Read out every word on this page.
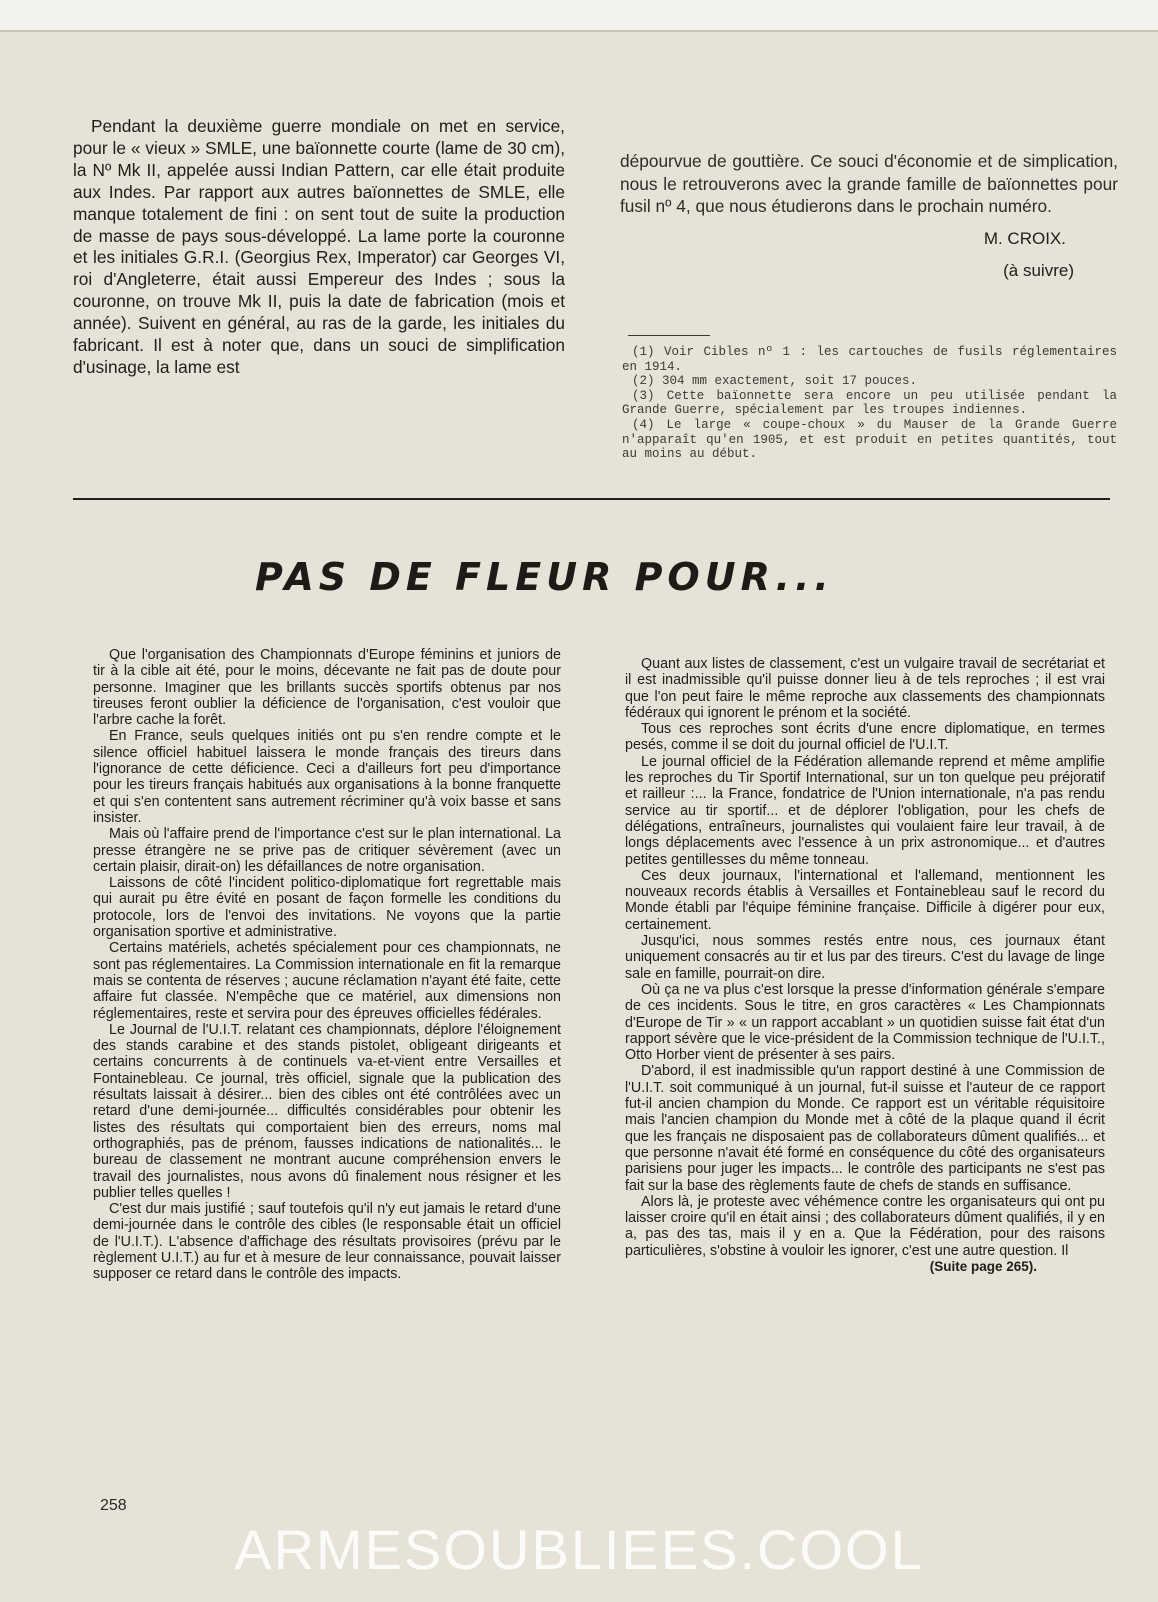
Pendant la deuxième guerre mondiale on met en service, pour le « vieux » SMLE, une baïonnette courte (lame de 30 cm), la Nº Mk II, appelée aussi Indian Pattern, car elle était produite aux Indes. Par rapport aux autres baïonnettes de SMLE, elle manque totalement de fini : on sent tout de suite la production de masse de pays sous-développé. La lame porte la couronne et les initiales G.R.I. (Georgius Rex, Imperator) car Georges VI, roi d'Angleterre, était aussi Empereur des Indes ; sous la couronne, on trouve Mk II, puis la date de fabrication (mois et année). Suivent en général, au ras de la garde, les initiales du fabricant. Il est à noter que, dans un souci de simplification d'usinage, la lame est

dépourvue de gouttière. Ce souci d'économie et de simplication, nous le retrouverons avec la grande famille de baïonnettes pour fusil nº 4, que nous étudierons dans le prochain numéro.

M. CROIX.

(à suivre)

(1) Voir Cibles nº 1 : les cartouches de fusils réglementaires en 1914.

(2) 304 mm exactement, soit 17 pouces.

(3) Cette baïonnette sera encore un peu utilisée pendant la Grande Guerre, spécialement par les troupes indiennes.

(4) Le large « coupe-choux » du Mauser de la Grande Guerre n'apparaît qu'en 1905, et est produit en petites quantités, tout au moins au début.

PAS DE FLEUR POUR...

Que l'organisation des Championnats d'Europe féminins et juniors de tir à la cible ait été, pour le moins, décevante ne fait pas de doute pour personne. Imaginer que les brillants succès sportifs obtenus par nos tireuses feront oublier la déficience de l'organisation, c'est vouloir que l'arbre cache la forêt.

En France, seuls quelques initiés ont pu s'en rendre compte et le silence officiel habituel laissera le monde français des tireurs dans l'ignorance de cette déficience. Ceci a d'ailleurs fort peu d'importance pour les tireurs français habitués aux organisations à la bonne franquette et qui s'en contentent sans autrement récriminer qu'à voix basse et sans insister.

Mais où l'affaire prend de l'importance c'est sur le plan international. La presse étrangère ne se prive pas de critiquer sévèrement (avec un certain plaisir, dirait-on) les défaillances de notre organisation.

Laissons de côté l'incident politico-diplomatique fort regrettable mais qui aurait pu être évité en posant de façon formelle les conditions du protocole, lors de l'envoi des invitations. Ne voyons que la partie organisation sportive et administrative.

Certains matériels, achetés spécialement pour ces championnats, ne sont pas réglementaires. La Commission internationale en fit la remarque mais se contenta de réserves ; aucune réclamation n'ayant été faite, cette affaire fut classée. N'empêche que ce matériel, aux dimensions non réglementaires, reste et servira pour des épreuves officielles fédérales.

Le Journal de l'U.I.T. relatant ces championnats, déplore l'éloignement des stands carabine et des stands pistolet, obligeant dirigeants et certains concurrents à de continuels va-et-vient entre Versailles et Fontainebleau. Ce journal, très officiel, signale que la publication des résultats laissait à désirer... bien des cibles ont été contrôlées avec un retard d'une demi-journée... difficultés considérables pour obtenir les listes des résultats qui comportaient bien des erreurs, noms mal orthographiés, pas de prénom, fausses indications de nationalités... le bureau de classement ne montrant aucune compréhension envers le travail des journalistes, nous avons dû finalement nous résigner et les publier telles quelles !

C'est dur mais justifié ; sauf toutefois qu'il n'y eut jamais le retard d'une demi-journée dans le contrôle des cibles (le responsable était un officiel de l'U.I.T.). L'absence d'affichage des résultats provisoires (prévu par le règlement U.I.T.) au fur et à mesure de leur connaissance, pouvait laisser supposer ce retard dans le contrôle des impacts.

Quant aux listes de classement, c'est un vulgaire travail de secrétariat et il est inadmissible qu'il puisse donner lieu à de tels reproches ; il est vrai que l'on peut faire le même reproche aux classements des championnats fédéraux qui ignorent le prénom et la société.

Tous ces reproches sont écrits d'une encre diplomatique, en termes pesés, comme il se doit du journal officiel de l'U.I.T.

Le journal officiel de la Fédération allemande reprend et même amplifie les reproches du Tir Sportif International, sur un ton quelque peu préjoratif et railleur :... la France, fondatrice de l'Union internationale, n'a pas rendu service au tir sportif... et de déplorer l'obligation, pour les chefs de délégations, entraîneurs, journalistes qui voulaient faire leur travail, à de longs déplacements avec l'essence à un prix astronomique... et d'autres petites gentillesses du même tonneau.

Ces deux journaux, l'international et l'allemand, mentionnent les nouveaux records établis à Versailles et Fontainebleau sauf le record du Monde établi par l'équipe féminine française. Difficile à digérer pour eux, certainement.

Jusqu'ici, nous sommes restés entre nous, ces journaux étant uniquement consacrés au tir et lus par des tireurs. C'est du lavage de linge sale en famille, pourrait-on dire.

Où ça ne va plus c'est lorsque la presse d'information générale s'empare de ces incidents. Sous le titre, en gros caractères « Les Championnats d'Europe de Tir » « un rapport accablant » un quotidien suisse fait état d'un rapport sévère que le vice-président de la Commission technique de l'U.I.T., Otto Horber vient de présenter à ses pairs.

D'abord, il est inadmissible qu'un rapport destiné à une Commission de l'U.I.T. soit communiqué à un journal, fut-il suisse et l'auteur de ce rapport fut-il ancien champion du Monde. Ce rapport est un véritable réquisitoire mais l'ancien champion du Monde met à côté de la plaque quand il écrit que les français ne disposaient pas de collaborateurs dûment qualifiés... et que personne n'avait été formé en conséquence du côté des organisateurs parisiens pour juger les impacts... le contrôle des participants ne s'est pas fait sur la base des règlements faute de chefs de stands en suffisance.

Alors là, je proteste avec véhémence contre les organisateurs qui ont pu laisser croire qu'il en était ainsi ; des collaborateurs dûment qualifiés, il y en a, pas des tas, mais il y en a. Que la Fédération, pour des raisons particulières, s'obstine à vouloir les ignorer, c'est une autre question. Il

(Suite page 265).

258
ARMESOUBLIEES.COOL
